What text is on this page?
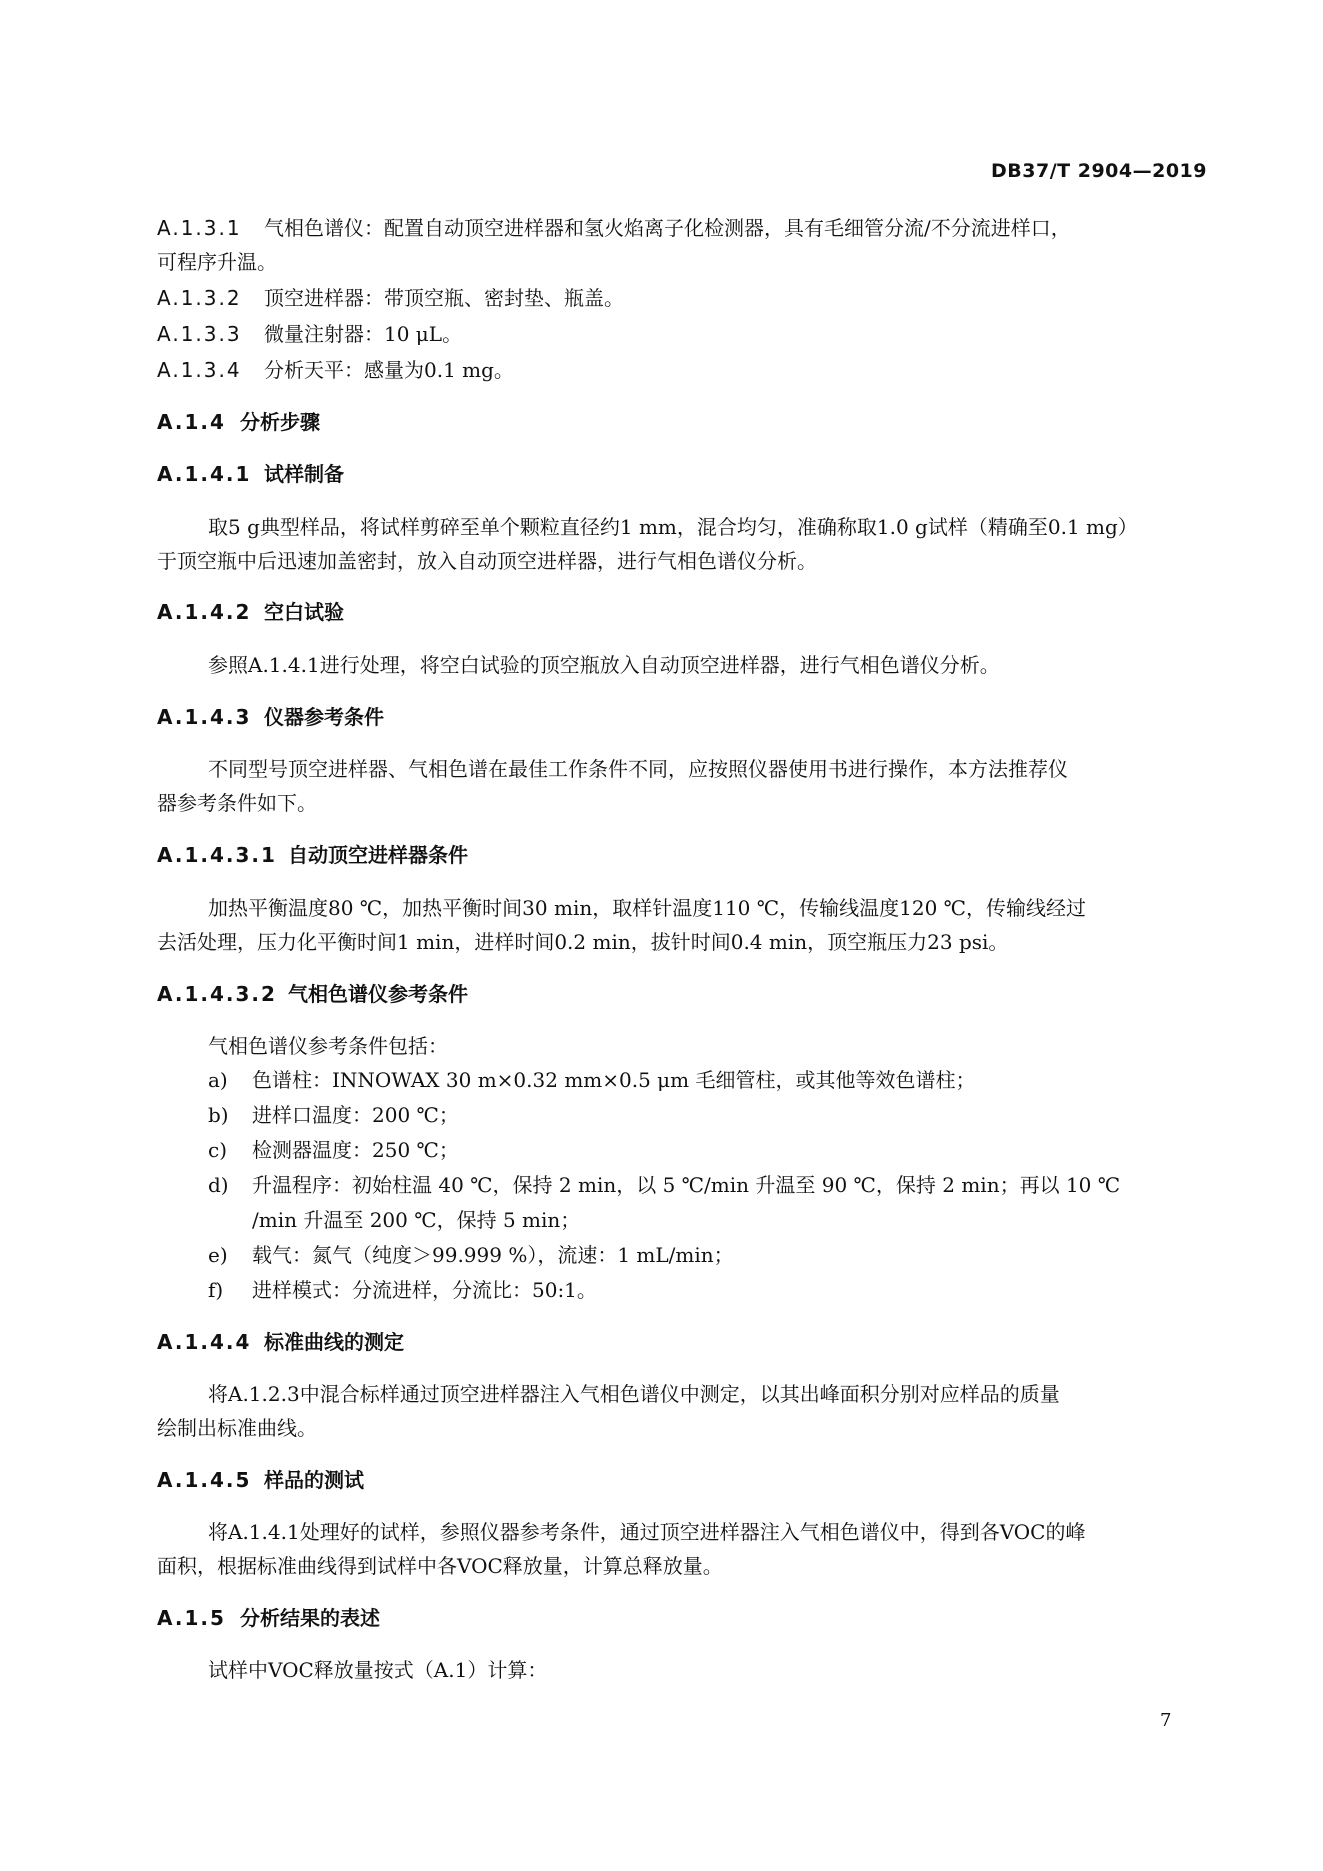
DB37/T 2904—2019
A.1.3.1 气相色谱仪：配置自动顶空进样器和氢火焰离子化检测器，具有毛细管分流/不分流进样口，
可程序升温。
A.1.3.2 顶空进样器：带顶空瓶、密封垫、瓶盖。
A.1.3.3 微量注射器：10 μL。
A.1.3.4 分析天平：感量为0.1 mg。
A.1.4 分析步骤
A.1.4.1 试样制备
取5 g典型样品，将试样剪碎至单个颗粒直径约1 mm，混合均匀，准确称取1.0 g试样（精确至0.1 mg）
于顶空瓶中后迅速加盖密封，放入自动顶空进样器，进行气相色谱仪分析。
A.1.4.2 空白试验
参照A.1.4.1进行处理，将空白试验的顶空瓶放入自动顶空进样器，进行气相色谱仪分析。
A.1.4.3 仪器参考条件
不同型号顶空进样器、气相色谱在最佳工作条件不同，应按照仪器使用书进行操作，本方法推荐仪
器参考条件如下。
A.1.4.3.1 自动顶空进样器条件
加热平衡温度80 ℃，加热平衡时间30 min，取样针温度110 ℃，传输线温度120 ℃，传输线经过
去活处理，压力化平衡时间1 min，进样时间0.2 min，拔针时间0.4 min，顶空瓶压力23 psi。
A.1.4.3.2 气相色谱仪参考条件
气相色谱仪参考条件包括：
a) 色谱柱：INNOWAX 30 m×0.32 mm×0.5 μm 毛细管柱，或其他等效色谱柱；
b) 进样口温度：200 ℃；
c) 检测器温度：250 ℃；
d) 升温程序：初始柱温 40 ℃，保持 2 min，以 5 ℃/min 升温至 90 ℃，保持 2 min；再以 10 ℃
/min 升温至 200 ℃，保持 5 min；
e) 载气：氮气（纯度＞99.999 %），流速：1 mL/min；
f) 进样模式：分流进样，分流比：50:1。
A.1.4.4 标准曲线的测定
将A.1.2.3中混合标样通过顶空进样器注入气相色谱仪中测定，以其出峰面积分别对应样品的质量
绘制出标准曲线。
A.1.4.5 样品的测试
将A.1.4.1处理好的试样，参照仪器参考条件，通过顶空进样器注入气相色谱仪中，得到各VOC的峰
面积，根据标准曲线得到试样中各VOC释放量，计算总释放量。
A.1.5 分析结果的表述
试样中VOC释放量按式（A.1）计算：
7
